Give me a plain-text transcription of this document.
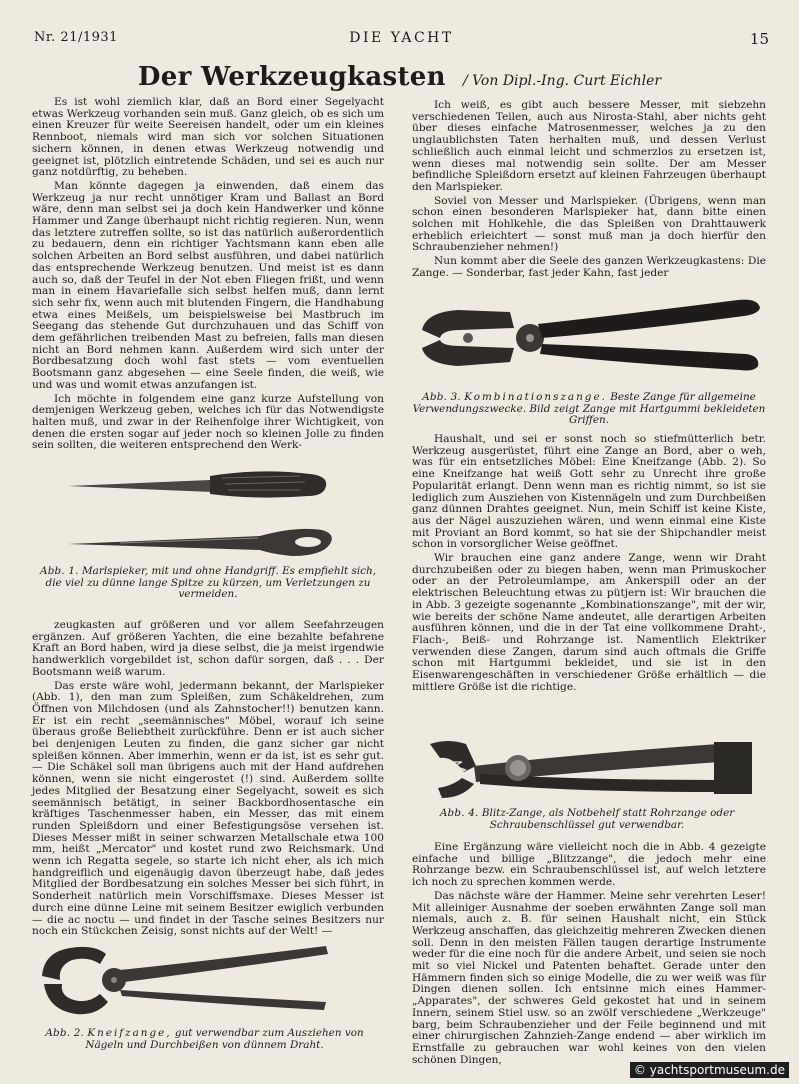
Nr. 21/1931	DIE YACHT	15
Der Werkzeugkasten / Von Dipl.-Ing. Curt Eichler

Es ist wohl ziemlich klar, daß an Bord einer Segelyacht etwas Werkzeug vorhanden sein muß. Ganz gleich, ob es sich um einen Kreuzer für weite Seereisen handelt, oder um ein kleines Rennboot, niemals wird man sich vor solchen Situationen sichern können, in denen etwas Werkzeug notwendig und geeignet ist, plötzlich eintretende Schäden, und sei es auch nur ganz notdürftig, zu beheben.

Man könnte dagegen ja einwenden, daß einem das Werkzeug ja nur recht unnötiger Kram und Ballast an Bord wäre, denn man selbst sei ja doch kein Handwerker und könne Hammer und Zange überhaupt nicht richtig regieren. Nun, wenn das letztere zutreffen sollte, so ist das natürlich außerordentlich zu bedauern, denn ein richtiger Yachtsmann kann eben alle solchen Arbeiten an Bord selbst ausführen, und dabei natürlich das entsprechende Werkzeug benutzen. Und meist ist es dann auch so, daß der Teufel in der Not eben Fliegen frißt, und wenn man in einem Havariefalle sich selbst helfen muß, dann lernt sich sehr fix, wenn auch mit blutenden Fingern, die Handhabung etwa eines Meißels, um beispielsweise bei Mastbruch im Seegang das stehende Gut durchzuhauen und das Schiff von dem gefährlichen treibenden Mast zu befreien, falls man diesen nicht an Bord nehmen kann. Außerdem wird sich unter der Bordbesatzung doch wohl fast stets — vom eventuellen Bootsmann ganz abgesehen — eine Seele finden, die weiß, wie und was und womit etwas anzufangen ist.

Ich möchte in folgendem eine ganz kurze Aufstellung von demjenigen Werkzeug geben, welches ich für das Notwendigste halten muß, und zwar in der Reihenfolge ihrer Wichtigkeit, von denen die ersten sogar auf jeder noch so kleinen Jolle zu finden sein sollten, die weiteren entsprechend den Werk-

Abb. 1. Marlspieker, mit und ohne Handgriff. Es empfiehlt sich, die viel zu dünne lange Spitze zu kürzen, um Verletzungen zu vermeiden.

zeugkasten auf größeren und vor allem Seefahrzeugen ergänzen. Auf größeren Yachten, die eine bezahlte befahrene Kraft an Bord haben, wird ja diese selbst, die ja meist irgendwie handwerklich vorgebildet ist, schon dafür sorgen, daß . . . Der Bootsmann weiß warum.

Das erste wäre wohl, jedermann bekannt, der Marlspieker (Abb. 1), den man zum Spleißen, zum Schäkeldrehen, zum Öffnen von Milchdosen (und als Zahnstocher!!) benutzen kann. Er ist ein recht „seemännisches" Möbel, worauf ich seine überaus große Beliebtheit zurückführe. Denn er ist auch sicher bei denjenigen Leuten zu finden, die ganz sicher gar nicht spleißen können. Aber immerhin, wenn er da ist, ist es sehr gut. — Die Schäkel soll man übrigens auch mit der Hand aufdrehen können, wenn sie nicht eingerostet (!) sind. Außerdem sollte jedes Mitglied der Besatzung einer Segelyacht, soweit es sich seemännisch betätigt, in seiner Backbordhosentasche ein kräftiges Taschenmesser haben, ein Messer, das mit einem runden Spleißdorn und einer Befestigungsöse versehen ist. Dieses Messer mißt in seiner schwarzen Metallschale etwa 100 mm, heißt „Mercator" und kostet rund zwo Reichsmark. Und wenn ich Regatta segele, so starte ich nicht eher, als ich mich handgreiflich und eigenäugig davon überzeugt habe, daß jedes Mitglied der Bordbesatzung ein solches Messer bei sich führt, in Sonderheit natürlich mein Vorschiffsmaxe. Dieses Messer ist durch eine dünne Leine mit seinem Besitzer ewiglich verbunden — die ac noctu — und findet in der Tasche seines Besitzers nur noch ein Stückchen Zeisig, sonst nichts auf der Welt! —

Abb. 2. Kneifzange, gut verwendbar zum Ausziehen von Nägeln und Durchbeißen von dünnem Draht.

Ich weiß, es gibt auch bessere Messer, mit siebzehn verschiedenen Teilen, auch aus Nirosta-Stahl, aber nichts geht über dieses einfache Matrosenmesser, welches ja zu den unglaublichsten Taten herhalten muß, und dessen Verlust schließlich auch einmal leicht und schmerzlos zu ersetzen ist, wenn dieses mal notwendig sein sollte. Der am Messer befindliche Spleißdorn ersetzt auf kleinen Fahrzeugen überhaupt den Marlspieker.

Soviel von Messer und Marlspieker. (Übrigens, wenn man schon einen besonderen Marlspieker hat, dann bitte einen solchen mit Hohlkehle, die das Spleißen von Drahttauwerk erheblich erleichtert — sonst muß man ja doch hierfür den Schraubenzieher nehmen!)

Nun kommt aber die Seele des ganzen Werkzeugkastens: Die Zange. — Sonderbar, fast jeder Kahn, fast jeder

Abb. 3. Kombinationszange. Beste Zange für allgemeine Verwendungszwecke. Bild zeigt Zange mit Hartgummi bekleideten Griffen.

Haushalt, und sei er sonst noch so stiefmütterlich betr. Werkzeug ausgerüstet, führt eine Zange an Bord, aber o weh, was für ein entsetzliches Möbel: Eine Kneifzange (Abb. 2). So eine Kneifzange hat weiß Gott sehr zu Unrecht ihre große Popularität erlangt. Denn wenn man es richtig nimmt, so ist sie lediglich zum Ausziehen von Kistennägeln und zum Durchbeißen ganz dünnen Drahtes geeignet. Nun, mein Schiff ist keine Kiste, aus der Nägel auszuziehen wären, und wenn einmal eine Kiste mit Proviant an Bord kommt, so hat sie der Shipchandler meist schon in vorsorglicher Weise geöffnet.

Wir brauchen eine ganz andere Zange, wenn wir Draht durchzubeißen oder zu biegen haben, wenn man Primuskocher oder an der Petroleumlampe, am Ankerspill oder an der elektrischen Beleuchtung etwas zu pütjern ist: Wir brauchen die in Abb. 3 gezeigte sogenannte „Kombinationszange", mit der wir, wie bereits der schöne Name andeutet, alle derartigen Arbeiten ausführen können, und die in der Tat eine vollkommene Draht-, Flach-, Beiß- und Rohrzange ist. Namentlich Elektriker verwenden diese Zangen, darum sind auch oftmals die Griffe schon mit Hartgummi bekleidet, und sie ist in den Eisenwarengeschäften in verschiedener Größe erhältlich — die mittlere Größe ist die richtige.

Abb. 4. Blitz-Zange, als Notbehelf statt Rohrzange oder Schraubenschlüssel gut verwendbar.

Eine Ergänzung wäre vielleicht noch die in Abb. 4 gezeigte einfache und billige „Blitzzange", die jedoch mehr eine Rohrzange bezw. ein Schraubenschlüssel ist, auf welch letztere ich noch zu sprechen kommen werde.

Das nächste wäre der Hammer. Meine sehr verehrten Leser! Mit alleiniger Ausnahme der soeben erwähnten Zange soll man niemals, auch z. B. für seinen Haushalt nicht, ein Stück Werkzeug anschaffen, das gleichzeitig mehreren Zwecken dienen soll. Denn in den meisten Fällen taugen derartige Instrumente weder für die eine noch für die andere Arbeit, und seien sie noch mit so viel Nickel und Patenten behaftet. Gerade unter den Hämmern finden sich so einige Modelle, die zu wer weiß was für Dingen dienen sollen. Ich entsinne mich eines Hammer-„Apparates", der schweres Geld gekostet hat und in seinem Innern, seinem Stiel usw. so an zwölf verschiedene „Werkzeuge" barg, beim Schraubenzieher und der Feile beginnend und mit einer chirurgischen Zahnzieh-Zange endend — aber wirklich im Ernstfalle zu gebrauchen war wohl keines von den vielen schönen Dingen,

© yachtsportmuseum.de
